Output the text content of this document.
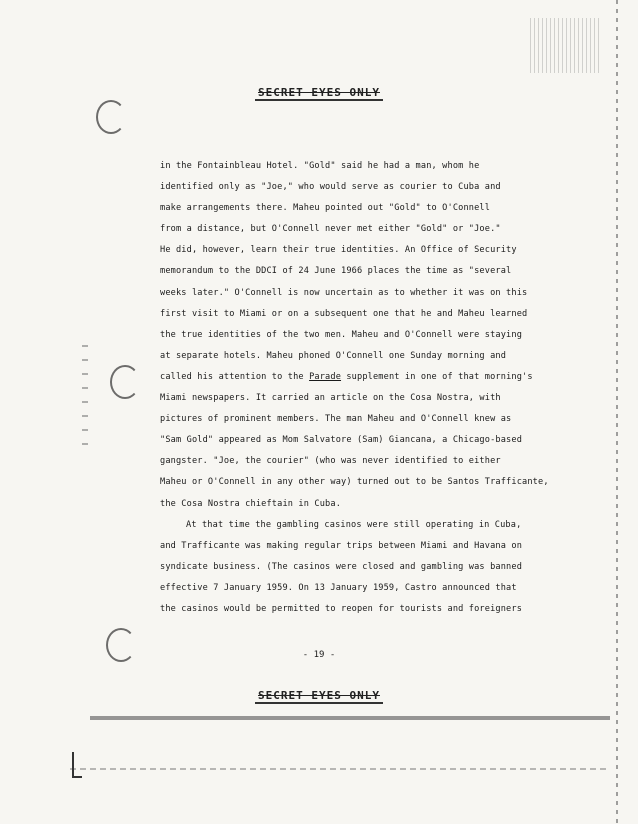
SECRET EYES ONLY
in the Fontainbleau Hotel. "Gold" said he had a man, whom he
identified only as "Joe," who would serve as courier to Cuba and
make arrangements there. Maheu pointed out "Gold" to O'Connell
from a distance, but O'Connell never met either "Gold" or "Joe."
He did, however, learn their true identities. An Office of Security
memorandum to the DDCI of 24 June 1966 places the time as "several
weeks later." O'Connell is now uncertain as to whether it was on this
first visit to Miami or on a subsequent one that he and Maheu learned
the true identities of the two men. Maheu and O'Connell were staying
at separate hotels. Maheu phoned O'Connell one Sunday morning and
called his attention to the Parade supplement in one of that morning's
Miami newspapers. It carried an article on the Cosa Nostra, with
pictures of prominent members. The man Maheu and O'Connell knew as
"Sam Gold" appeared as Mom Salvatore (Sam) Giancana, a Chicago-based
gangster. "Joe, the courier" (who was never identified to either
Maheu or O'Connell in any other way) turned out to be Santos Trafficante,
the Cosa Nostra chieftain in Cuba.
At that time the gambling casinos were still operating in Cuba,
and Trafficante was making regular trips between Miami and Havana on
syndicate business. (The casinos were closed and gambling was banned
effective 7 January 1959. On 13 January 1959, Castro announced that
the casinos would be permitted to reopen for tourists and foreigners
- 19 -
SECRET EYES ONLY
